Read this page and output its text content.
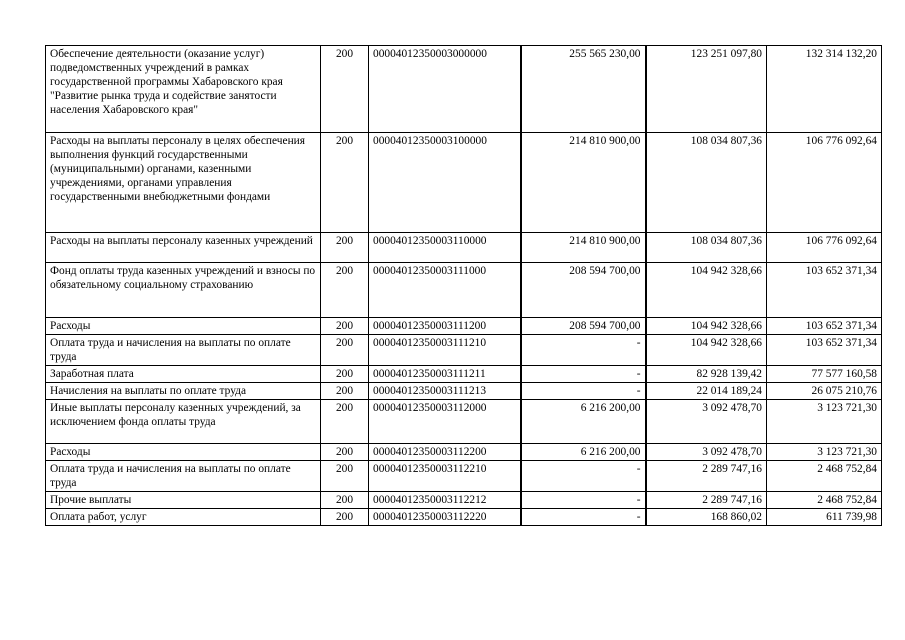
Обеспечение деятельности (оказание услуг) подведомственных учреждений в рамках государственной программы Хабаровского края "Развитие рынка труда и содействие занятости населения Хабаровского края"	200	00004012350003000000	255 565 230,00	123 251 097,80	132 314 132,20
Расходы на выплаты персоналу в целях обеспечения выполнения функций государственными (муниципальными) органами, казенными учреждениями, органами управления государственными внебюджетными фондами	200	00004012350003100000	214 810 900,00	108 034 807,36	106 776 092,64
Расходы на выплаты персоналу казенных учреждений	200	00004012350003110000	214 810 900,00	108 034 807,36	106 776 092,64
Фонд оплаты труда казенных учреждений и взносы по обязательному социальному страхованию	200	00004012350003111000	208 594 700,00	104 942 328,66	103 652 371,34
Расходы	200	00004012350003111200	208 594 700,00	104 942 328,66	103 652 371,34
Оплата труда и начисления на выплаты по оплате труда	200	00004012350003111210	-	104 942 328,66	103 652 371,34
Заработная плата	200	00004012350003111211	-	82 928 139,42	77 577 160,58
Начисления на выплаты по оплате труда	200	00004012350003111213	-	22 014 189,24	26 075 210,76
Иные выплаты персоналу казенных учреждений, за исключением фонда оплаты труда	200	00004012350003112000	6 216 200,00	3 092 478,70	3 123 721,30
Расходы	200	00004012350003112200	6 216 200,00	3 092 478,70	3 123 721,30
Оплата труда и начисления на выплаты по оплате труда	200	00004012350003112210	-	2 289 747,16	2 468 752,84
Прочие выплаты	200	00004012350003112212	-	2 289 747,16	2 468 752,84
Оплата работ, услуг	200	00004012350003112220	-	168 860,02	611 739,98
